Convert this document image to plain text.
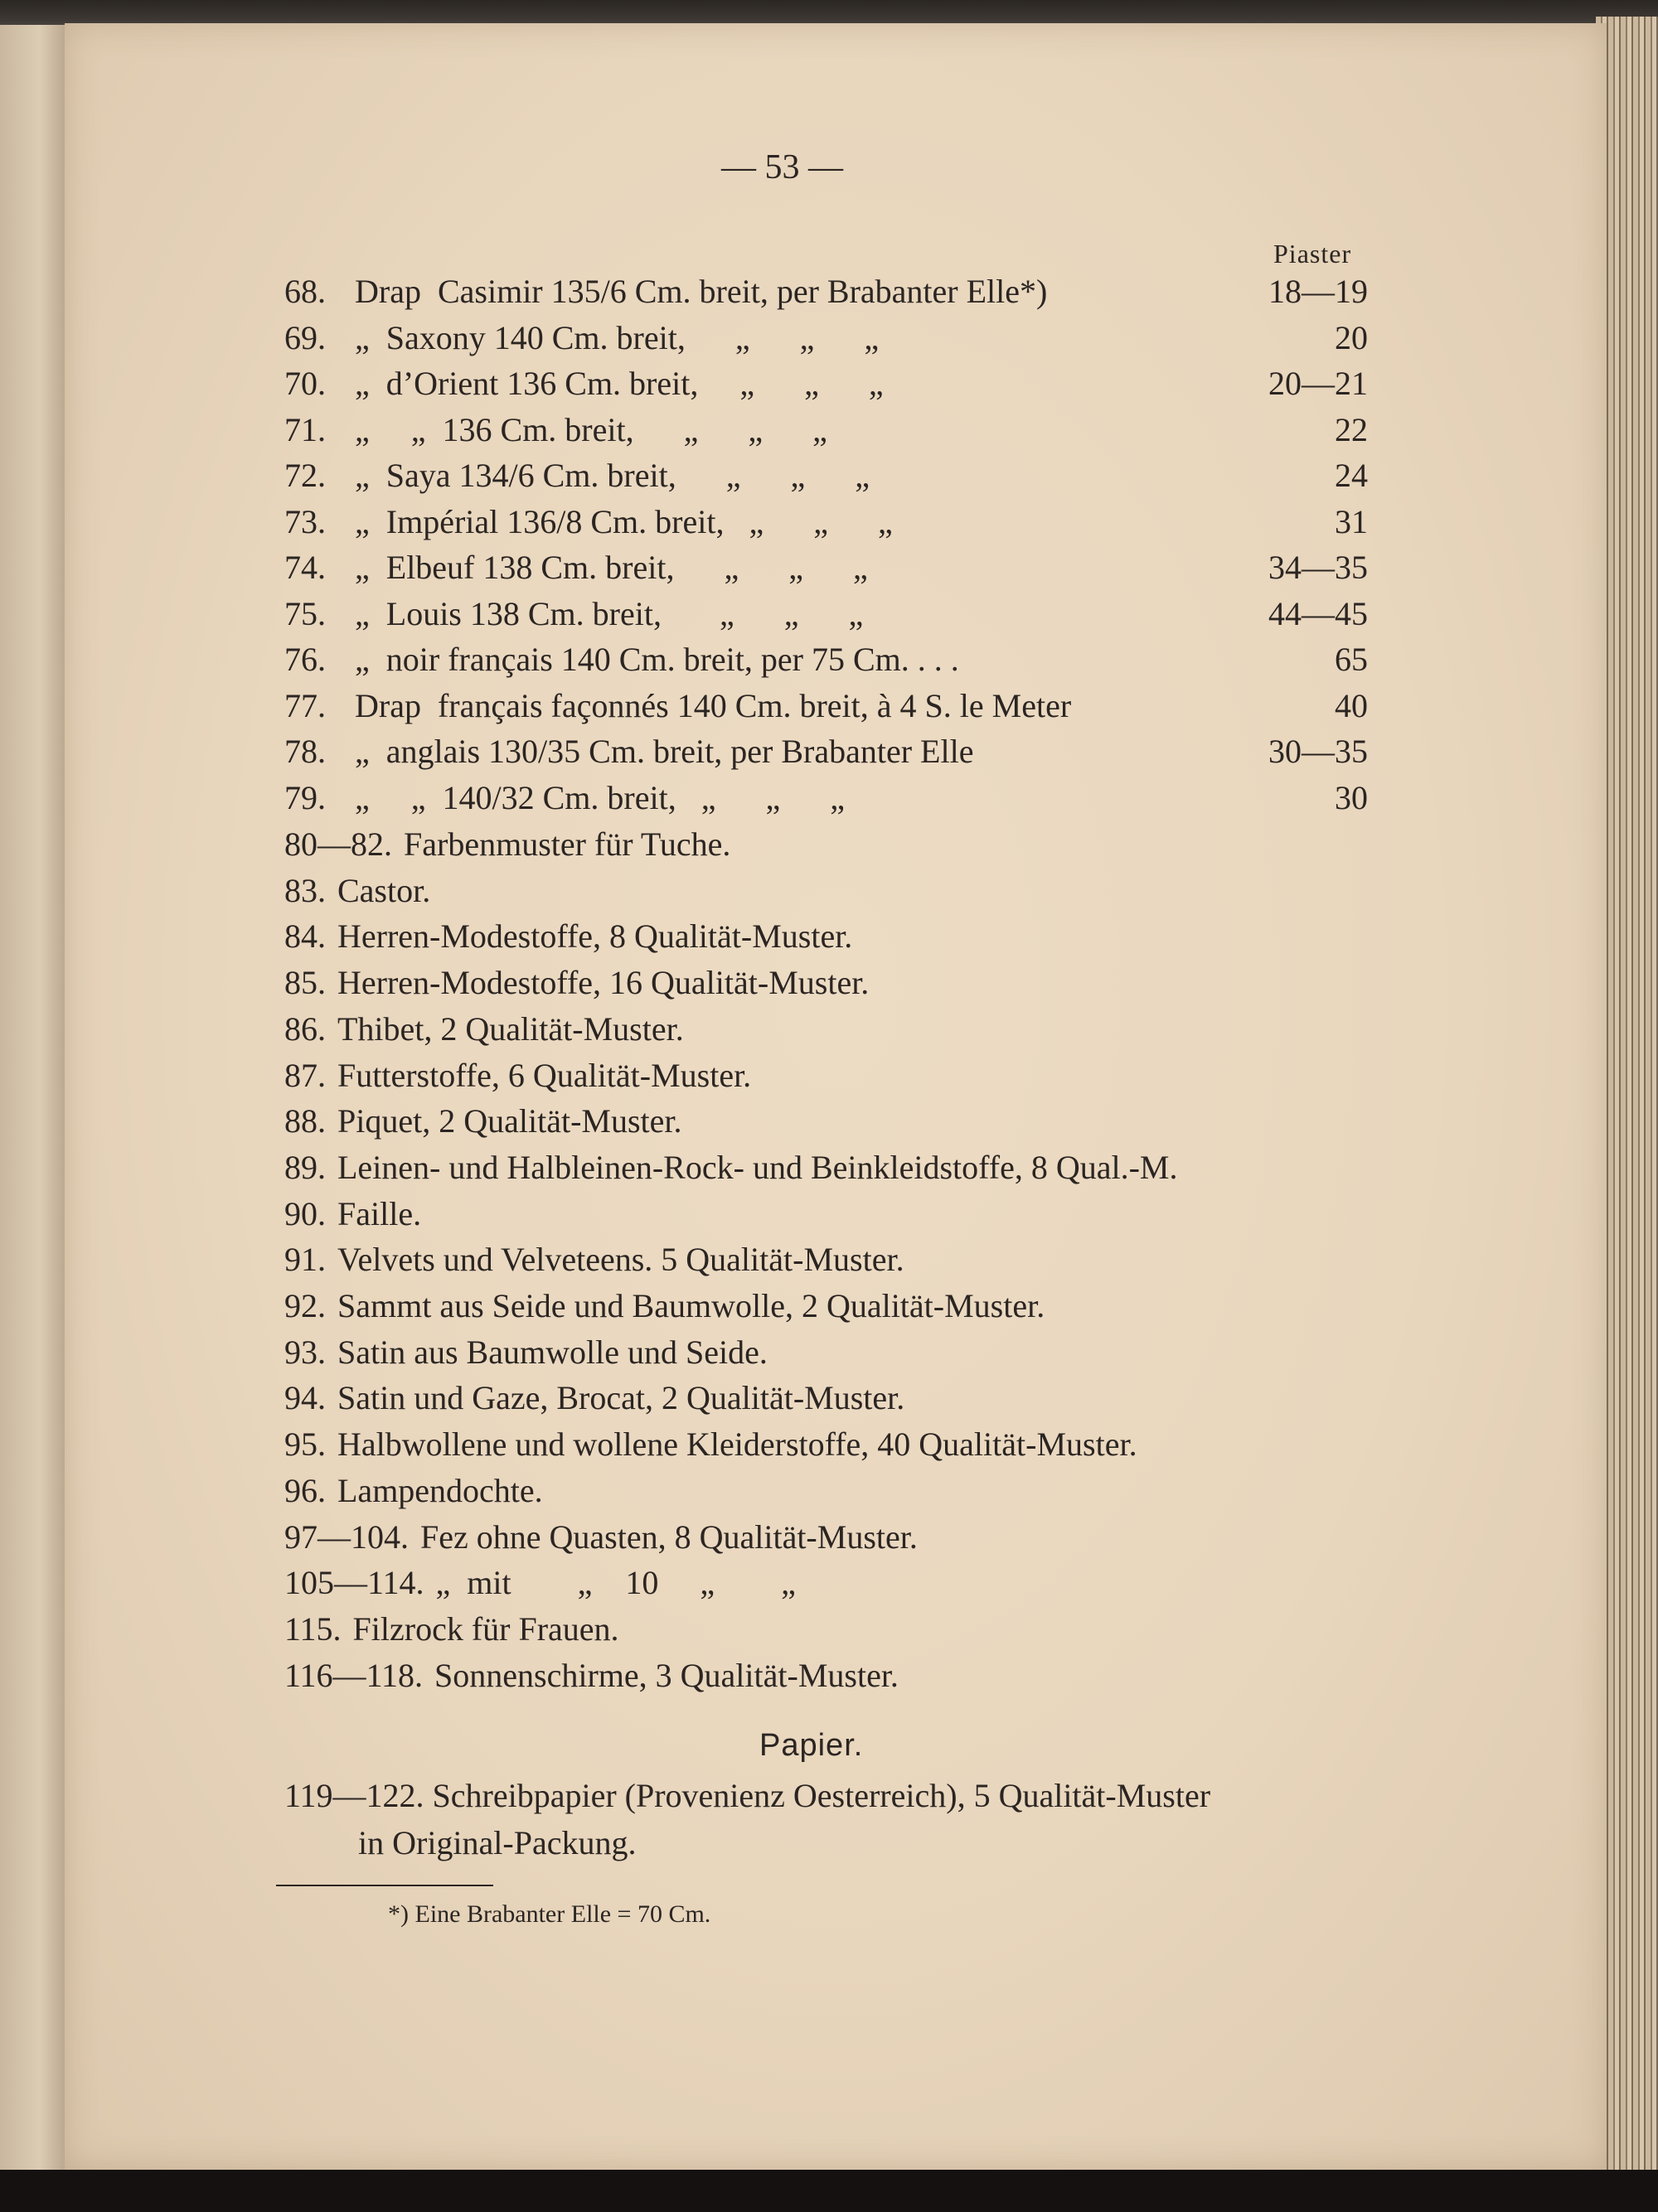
— 53 —
Piaster
68. Drap  Casimir 135/6 Cm. breit, per Brabanter Elle*)	18—19
69. „  Saxony 140 Cm. breit,      „      „      „	20
70. „  d’Orient 136 Cm. breit,     „      „      „	20—21
71. „     „  136 Cm. breit,      „      „      „	22
72. „  Saya 134/6 Cm. breit,      „      „      „	24
73. „  Impérial 136/8 Cm. breit,   „      „      „	31
74. „  Elbeuf 138 Cm. breit,      „      „      „	34—35
75. „  Louis 138 Cm. breit,       „      „      „	44—45
76. „  noir français 140 Cm. breit, per 75 Cm. . . .	65
77. Drap  français façonnés 140 Cm. breit, à 4 S. le Meter	40
78. „  anglais 130/35 Cm. breit, per Brabanter Elle	30—35
79. „     „  140/32 Cm. breit,   „      „      „	30
80—82. Farbenmuster für Tuche.
83. Castor.
84. Herren-Modestoffe, 8 Qualität-Muster.
85. Herren-Modestoffe, 16 Qualität-Muster.
86. Thibet, 2 Qualität-Muster.
87. Futterstoffe, 6 Qualität-Muster.
88. Piquet, 2 Qualität-Muster.
89. Leinen- und Halbleinen-Rock- und Beinkleidstoffe, 8 Qual.-M.
90. Faille.
91. Velvets und Velveteens. 5 Qualität-Muster.
92. Sammt aus Seide und Baumwolle, 2 Qualität-Muster.
93. Satin aus Baumwolle und Seide.
94. Satin und Gaze, Brocat, 2 Qualität-Muster.
95. Halbwollene und wollene Kleiderstoffe, 40 Qualität-Muster.
96. Lampendochte.
97—104. Fez ohne Quasten, 8 Qualität-Muster.
105—114. „  mit        „    10     „        „
115. Filzrock für Frauen.
116—118. Sonnenschirme, 3 Qualität-Muster.
Papier.
119—122. Schreibpapier (Provenienz Oesterreich), 5 Qualität-Muster
in Original-Packung.
*) Eine Brabanter Elle = 70 Cm.
